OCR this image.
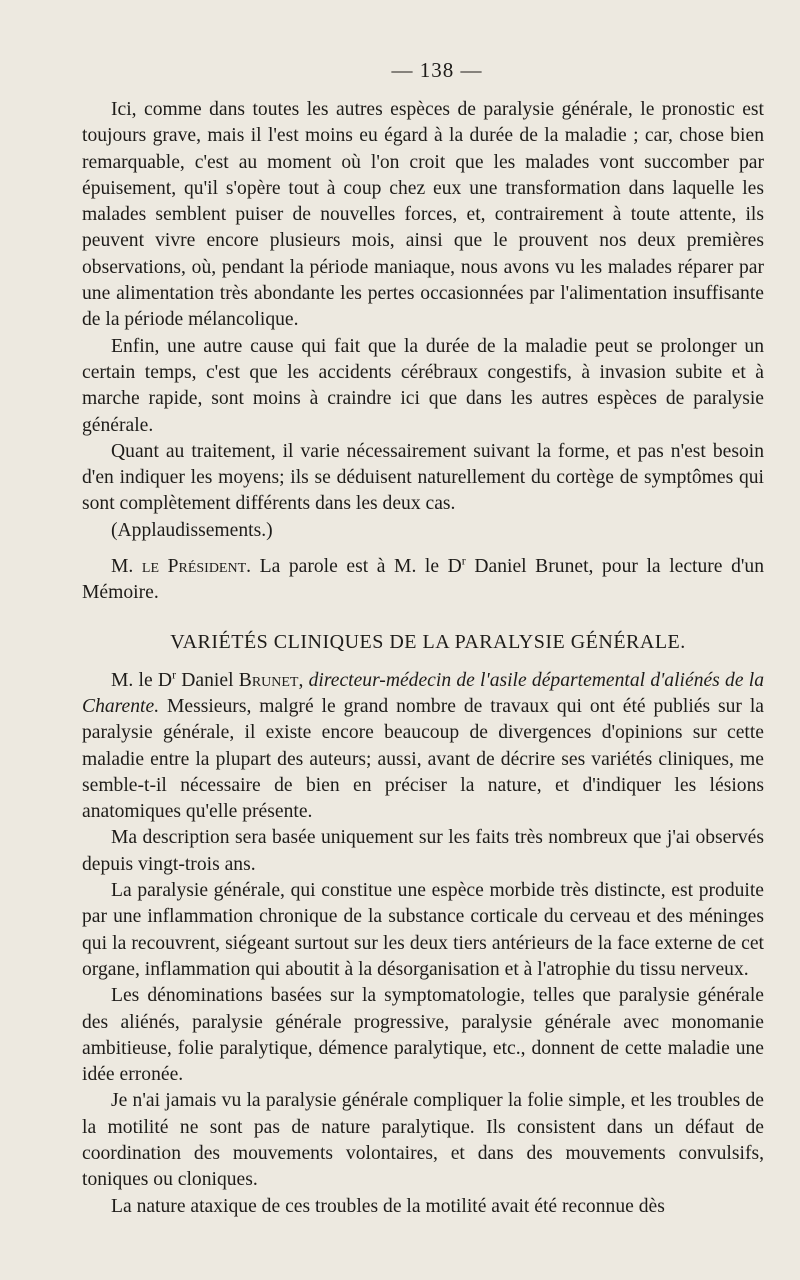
— 138 —

Ici, comme dans toutes les autres espèces de paralysie générale, le pronostic est toujours grave, mais il l'est moins eu égard à la durée de la maladie ; car, chose bien remarquable, c'est au moment où l'on croit que les malades vont succomber par épuisement, qu'il s'opère tout à coup chez eux une transformation dans laquelle les malades semblent puiser de nouvelles forces, et, contrairement à toute attente, ils peuvent vivre encore plusieurs mois, ainsi que le prouvent nos deux premières observations, où, pendant la période maniaque, nous avons vu les malades réparer par une alimentation très abondante les pertes occasionnées par l'alimentation insuffisante de la période mélancolique.

Enfin, une autre cause qui fait que la durée de la maladie peut se prolonger un certain temps, c'est que les accidents cérébraux congestifs, à invasion subite et à marche rapide, sont moins à craindre ici que dans les autres espèces de paralysie générale.

Quant au traitement, il varie nécessairement suivant la forme, et pas n'est besoin d'en indiquer les moyens; ils se déduisent naturellement du cortège de symptômes qui sont complètement différents dans les deux cas.

(Applaudissements.)

M. le Président. La parole est à M. le $D^r$ Daniel Brunet, pour la lecture d'un Mémoire.

VARIÉTÉS CLINIQUES DE LA PARALYSIE GÉNÉRALE.

M. le $D^r$ Daniel Brunet, directeur-médecin de l'asile départemental d'aliénés de la Charente. Messieurs, malgré le grand nombre de travaux qui ont été publiés sur la paralysie générale, il existe encore beaucoup de divergences d'opinions sur cette maladie entre la plupart des auteurs; aussi, avant de décrire ses variétés cliniques, me semble-t-il nécessaire de bien en préciser la nature, et d'indiquer les lésions anatomiques qu'elle présente.

Ma description sera basée uniquement sur les faits très nombreux que j'ai observés depuis vingt-trois ans.

La paralysie générale, qui constitue une espèce morbide très distincte, est produite par une inflammation chronique de la substance corticale du cerveau et des méninges qui la recouvrent, siégeant surtout sur les deux tiers antérieurs de la face externe de cet organe, inflammation qui aboutit à la désorganisation et à l'atrophie du tissu nerveux.

Les dénominations basées sur la symptomatologie, telles que paralysie générale des aliénés, paralysie générale progressive, paralysie générale avec monomanie ambitieuse, folie paralytique, démence paralytique, etc., donnent de cette maladie une idée erronée.

Je n'ai jamais vu la paralysie générale compliquer la folie simple, et les troubles de la motilité ne sont pas de nature paralytique. Ils consistent dans un défaut de coordination des mouvements volontaires, et dans des mouvements convulsifs, toniques ou cloniques.

La nature ataxique de ces troubles de la motilité avait été reconnue dès
